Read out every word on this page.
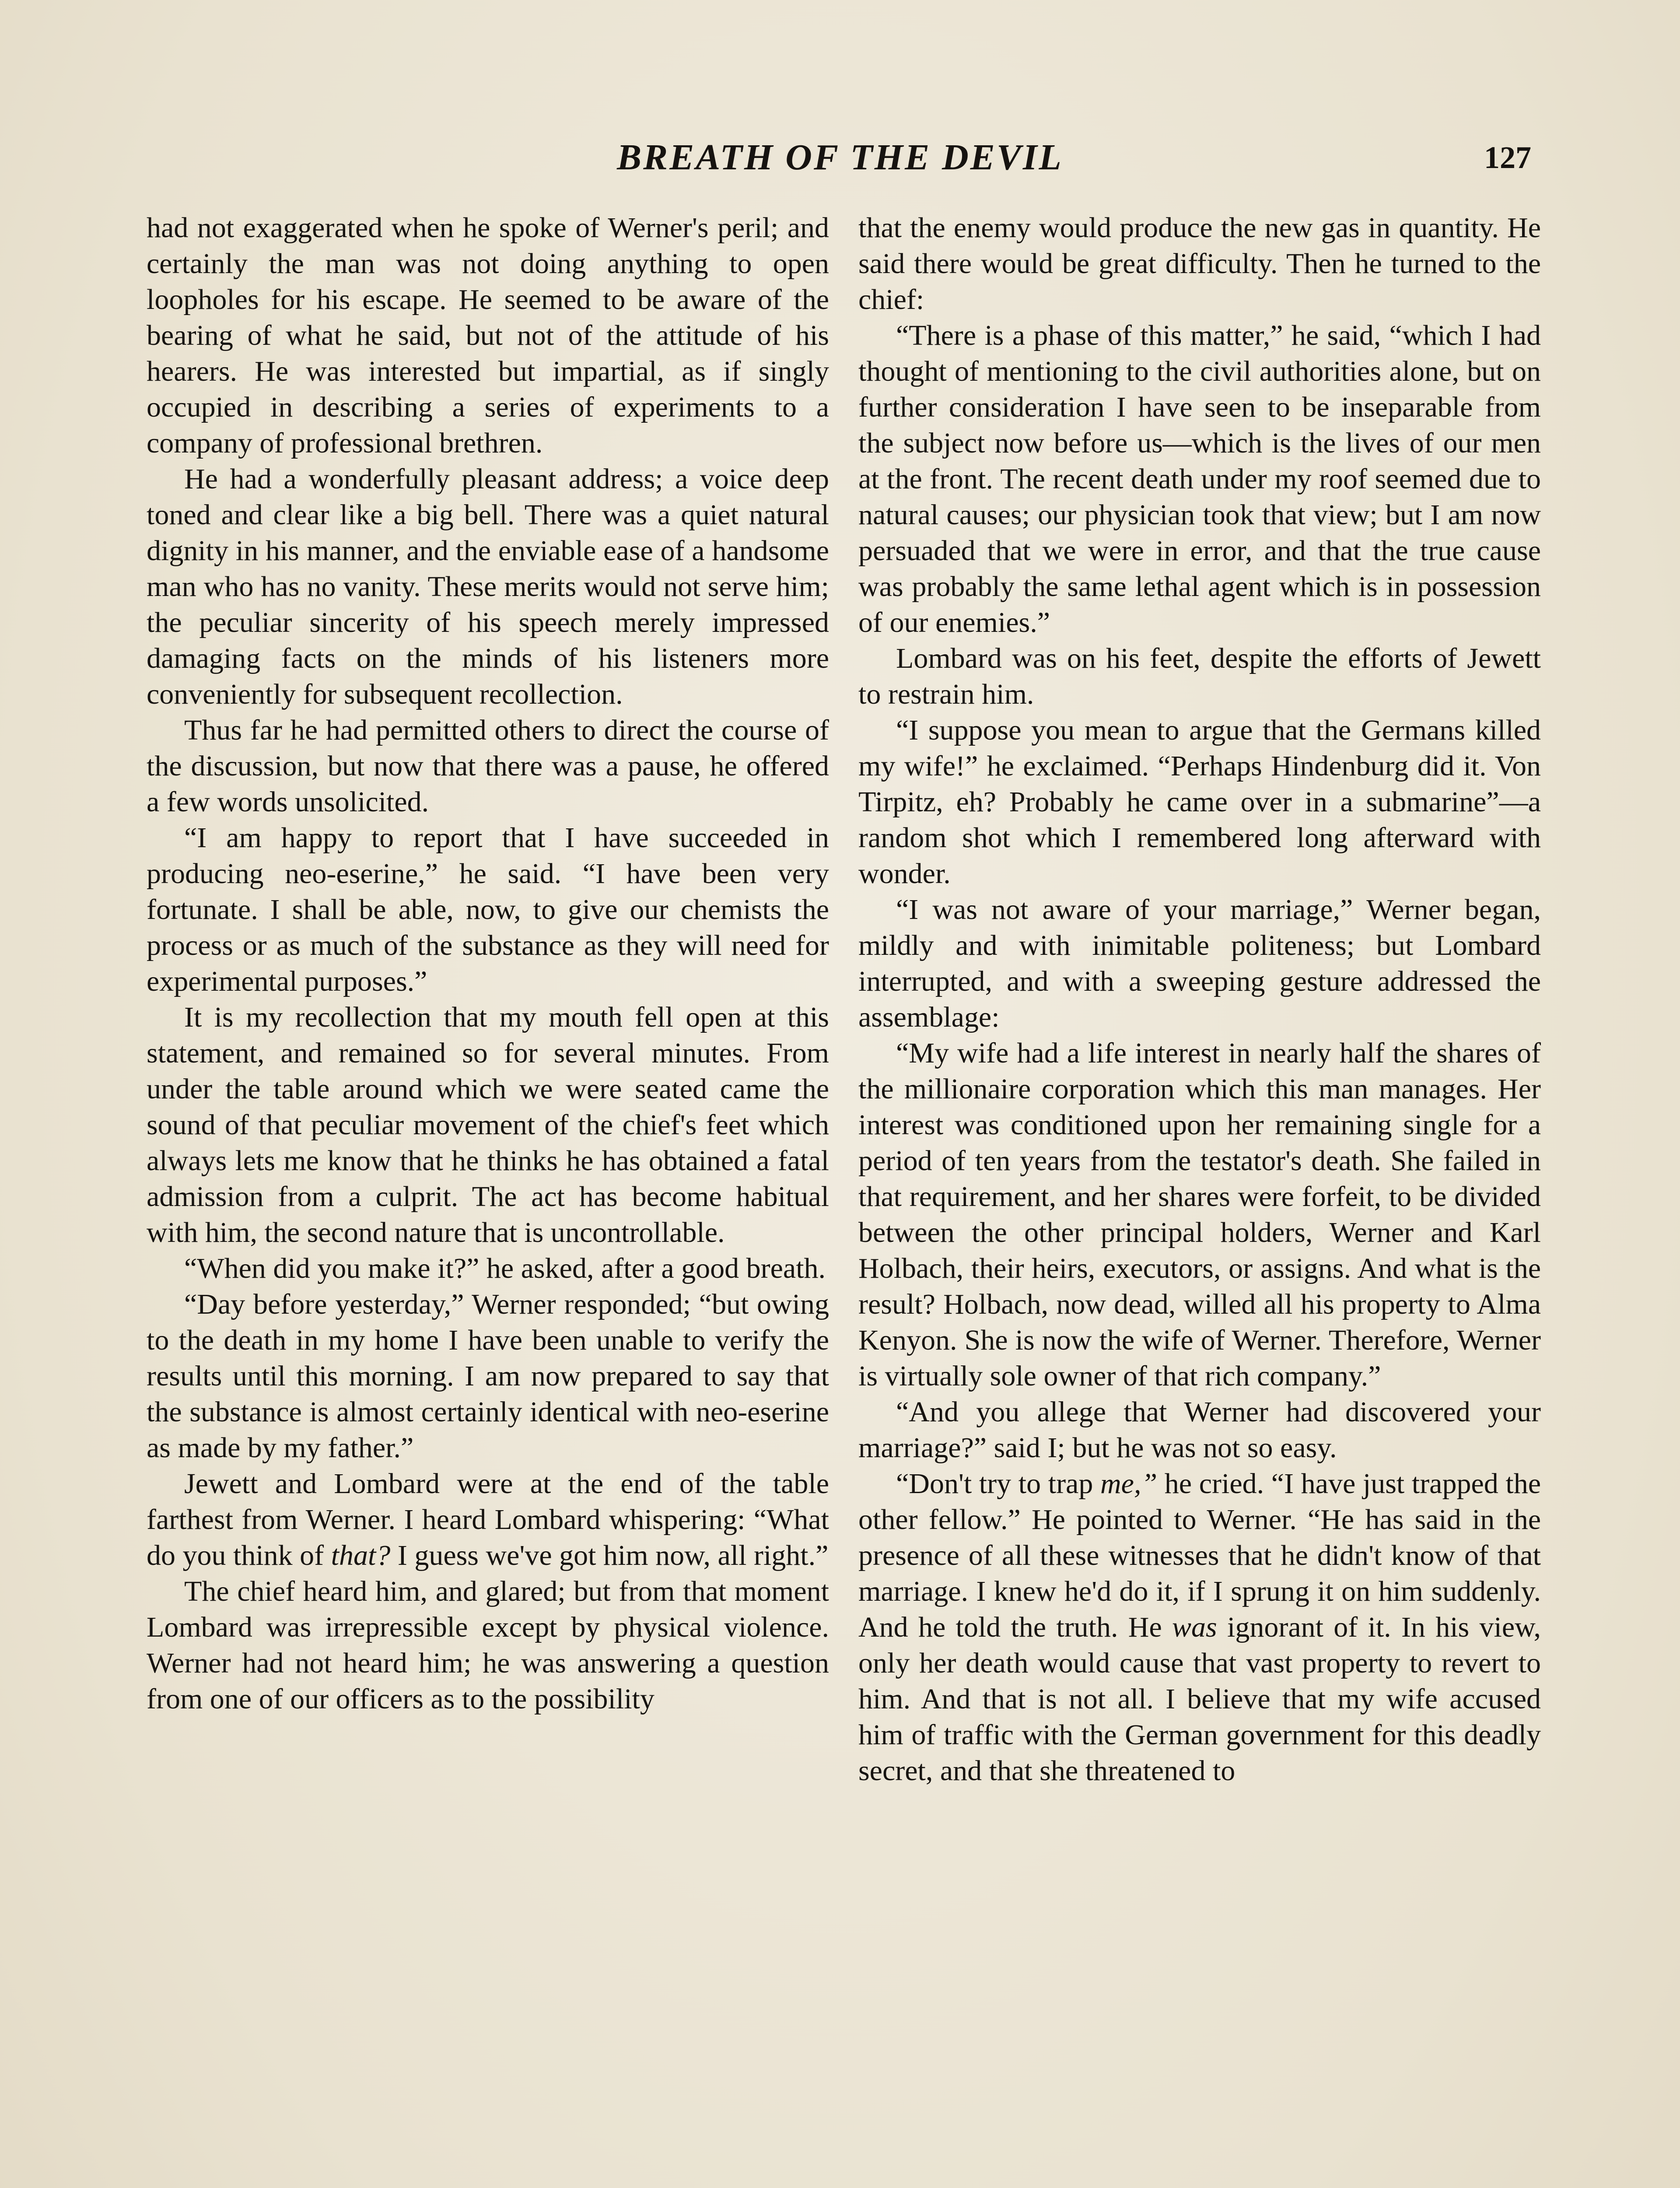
BREATH OF THE DEVIL	127

had not exaggerated when he spoke of Werner's peril; and certainly the man was not doing anything to open loopholes for his escape. He seemed to be aware of the bearing of what he said, but not of the attitude of his hearers. He was interested but impartial, as if singly occupied in describing a series of experiments to a company of professional brethren.

He had a wonderfully pleasant address; a voice deep toned and clear like a big bell. There was a quiet natural dignity in his manner, and the enviable ease of a handsome man who has no vanity. These merits would not serve him; the peculiar sincerity of his speech merely impressed damaging facts on the minds of his listeners more conveniently for subsequent recollection.

Thus far he had permitted others to direct the course of the discussion, but now that there was a pause, he offered a few words unsolicited.

“I am happy to report that I have succeeded in producing neo-eserine,” he said. “I have been very fortunate. I shall be able, now, to give our chemists the process or as much of the substance as they will need for experimental purposes.”

It is my recollection that my mouth fell open at this statement, and remained so for several minutes. From under the table around which we were seated came the sound of that peculiar movement of the chief's feet which always lets me know that he thinks he has obtained a fatal admission from a culprit. The act has become habitual with him, the second nature that is uncontrollable.

“When did you make it?” he asked, after a good breath.

“Day before yesterday,” Werner responded; “but owing to the death in my home I have been unable to verify the results until this morning. I am now prepared to say that the substance is almost certainly identical with neo-eserine as made by my father.”

Jewett and Lombard were at the end of the table farthest from Werner. I heard Lombard whispering: “What do you think of that? I guess we've got him now, all right.”

The chief heard him, and glared; but from that moment Lombard was irrepressible except by physical violence. Werner had not heard him; he was answering a question from one of our officers as to the possibility

that the enemy would produce the new gas in quantity. He said there would be great difficulty. Then he turned to the chief:

“There is a phase of this matter,” he said, “which I had thought of mentioning to the civil authorities alone, but on further consideration I have seen to be inseparable from the subject now before us—which is the lives of our men at the front. The recent death under my roof seemed due to natural causes; our physician took that view; but I am now persuaded that we were in error, and that the true cause was probably the same lethal agent which is in possession of our enemies.”

Lombard was on his feet, despite the efforts of Jewett to restrain him.

“I suppose you mean to argue that the Germans killed my wife!” he exclaimed. “Perhaps Hindenburg did it. Von Tirpitz, eh? Probably he came over in a submarine”—a random shot which I remembered long afterward with wonder.

“I was not aware of your marriage,” Werner began, mildly and with inimitable politeness; but Lombard interrupted, and with a sweeping gesture addressed the assemblage:

“My wife had a life interest in nearly half the shares of the millionaire corporation which this man manages. Her interest was conditioned upon her remaining single for a period of ten years from the testator's death. She failed in that requirement, and her shares were forfeit, to be divided between the other principal holders, Werner and Karl Holbach, their heirs, executors, or assigns. And what is the result? Holbach, now dead, willed all his property to Alma Kenyon. She is now the wife of Werner. Therefore, Werner is virtually sole owner of that rich company.”

“And you allege that Werner had discovered your marriage?” said I; but he was not so easy.

“Don't try to trap me,” he cried. “I have just trapped the other fellow.” He pointed to Werner. “He has said in the presence of all these witnesses that he didn't know of that marriage. I knew he'd do it, if I sprung it on him suddenly. And he told the truth. He was ignorant of it. In his view, only her death would cause that vast property to revert to him. And that is not all. I believe that my wife accused him of traffic with the German government for this deadly secret, and that she threatened to
